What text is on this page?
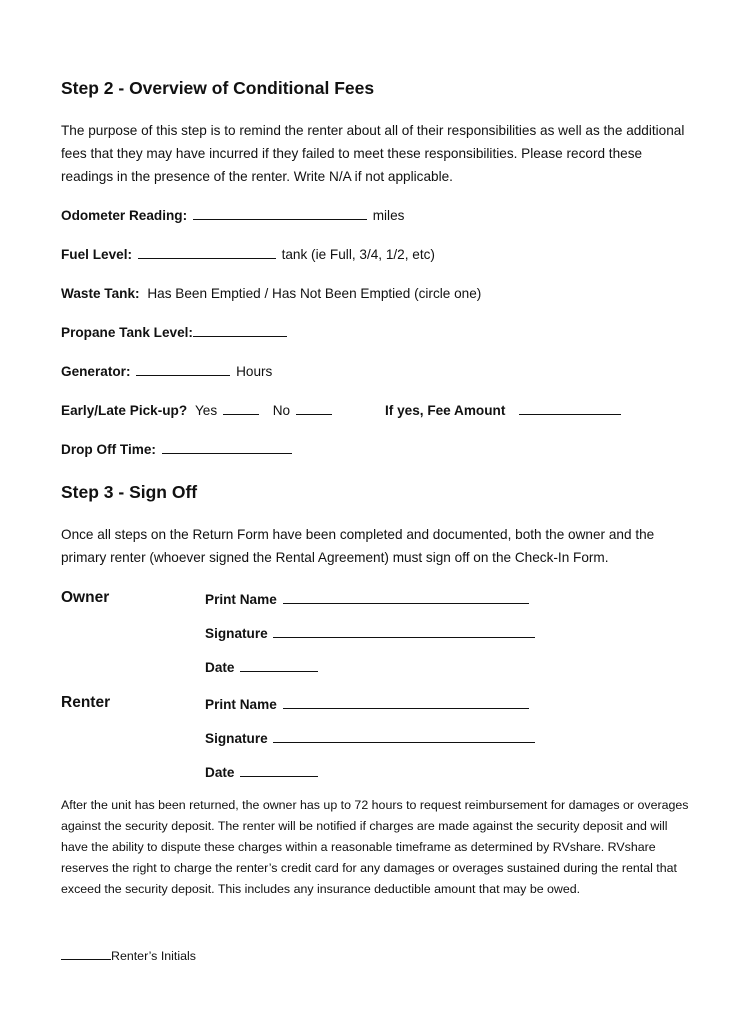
Step 2 - Overview of Conditional Fees
The purpose of this step is to remind the renter about all of their responsibilities as well as the additional fees that they may have incurred if they failed to meet these responsibilities. Please record these readings in the presence of the renter. Write N/A if not applicable.
Odometer Reading:	miles
Fuel Level:	tank (ie Full, 3/4, 1/2, etc)
Waste Tank: Has Been Emptied / Has Not Been Emptied (circle one)
Propane Tank Level:
Generator:	Hours
Early/Late Pick-up? Yes	No	If yes, Fee Amount
Drop Off Time:
Step 3 - Sign Off
Once all steps on the Return Form have been completed and documented, both the owner and the primary renter (whoever signed the Rental Agreement) must sign off on the Check-In Form.
Owner	Print Name
Signature
Date
Renter	Print Name
Signature
Date
After the unit has been returned, the owner has up to 72 hours to request reimbursement for damages or overages against the security deposit. The renter will be notified if charges are made against the security deposit and will have the ability to dispute these charges within a reasonable timeframe as determined by RVshare. RVshare reserves the right to charge the renter’s credit card for any damages or overages sustained during the rental that exceed the security deposit. This includes any insurance deductible amount that may be owed.
Renter’s Initials
